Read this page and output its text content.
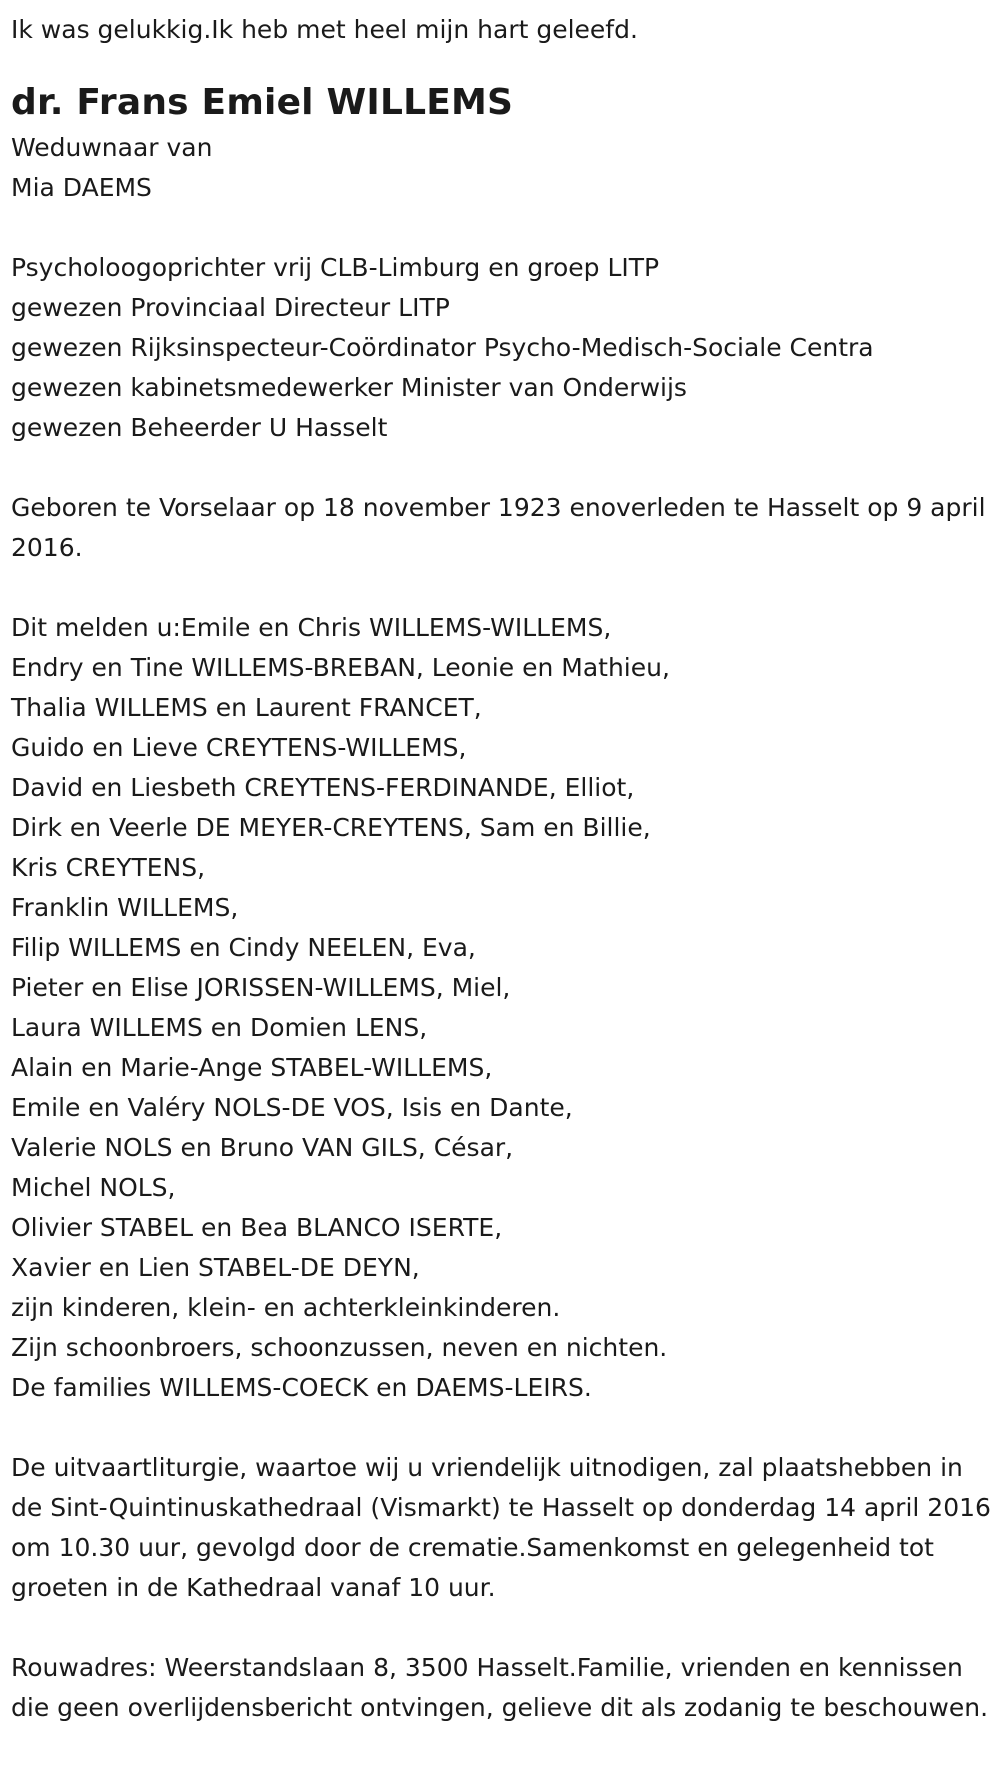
Ik was gelukkig.Ik heb met heel mijn hart geleefd.

dr. Frans Emiel WILLEMS

Weduwnaar van

Mia DAEMS

Psycholoogoprichter vrij CLB-Limburg en groep LITP

gewezen Provinciaal Directeur LITP

gewezen Rijksinspecteur-Coördinator Psycho-Medisch-Sociale Centra

gewezen kabinetsmedewerker Minister van Onderwijs

gewezen Beheerder U Hasselt

Geboren te Vorselaar op 18 november 1923 enoverleden te Hasselt op 9 april 2016.

Dit melden u:Emile en Chris WILLEMS-WILLEMS,

Endry en Tine WILLEMS-BREBAN, Leonie en Mathieu,

Thalia WILLEMS en Laurent FRANCET,

Guido en Lieve CREYTENS-WILLEMS,

David en Liesbeth CREYTENS-FERDINANDE, Elliot,

Dirk en Veerle DE MEYER-CREYTENS, Sam en Billie,

Kris CREYTENS,

Franklin WILLEMS,

Filip WILLEMS en Cindy NEELEN, Eva,

Pieter en Elise JORISSEN-WILLEMS, Miel,

Laura WILLEMS en Domien LENS,

Alain en Marie-Ange STABEL-WILLEMS,

Emile en Valéry NOLS-DE VOS, Isis en Dante,

Valerie NOLS en Bruno VAN GILS, César,

Michel NOLS,

Olivier STABEL en Bea BLANCO ISERTE,

Xavier en Lien STABEL-DE DEYN,

zijn kinderen, klein- en achterkleinkinderen.

Zijn schoonbroers, schoonzussen, neven en nichten.

De families WILLEMS-COECK en DAEMS-LEIRS.

De uitvaartliturgie, waartoe wij u vriendelijk uitnodigen, zal plaatshebben in de Sint-Quintinuskathedraal (Vismarkt) te Hasselt op donderdag 14 april 2016 om 10.30 uur, gevolgd door de crematie.Samenkomst en gelegenheid tot groeten in de Kathedraal vanaf 10 uur.

Rouwadres: Weerstandslaan 8, 3500 Hasselt.Familie, vrienden en kennissen die geen overlijdensbericht ontvingen, gelieve dit als zodanig te beschouwen.
